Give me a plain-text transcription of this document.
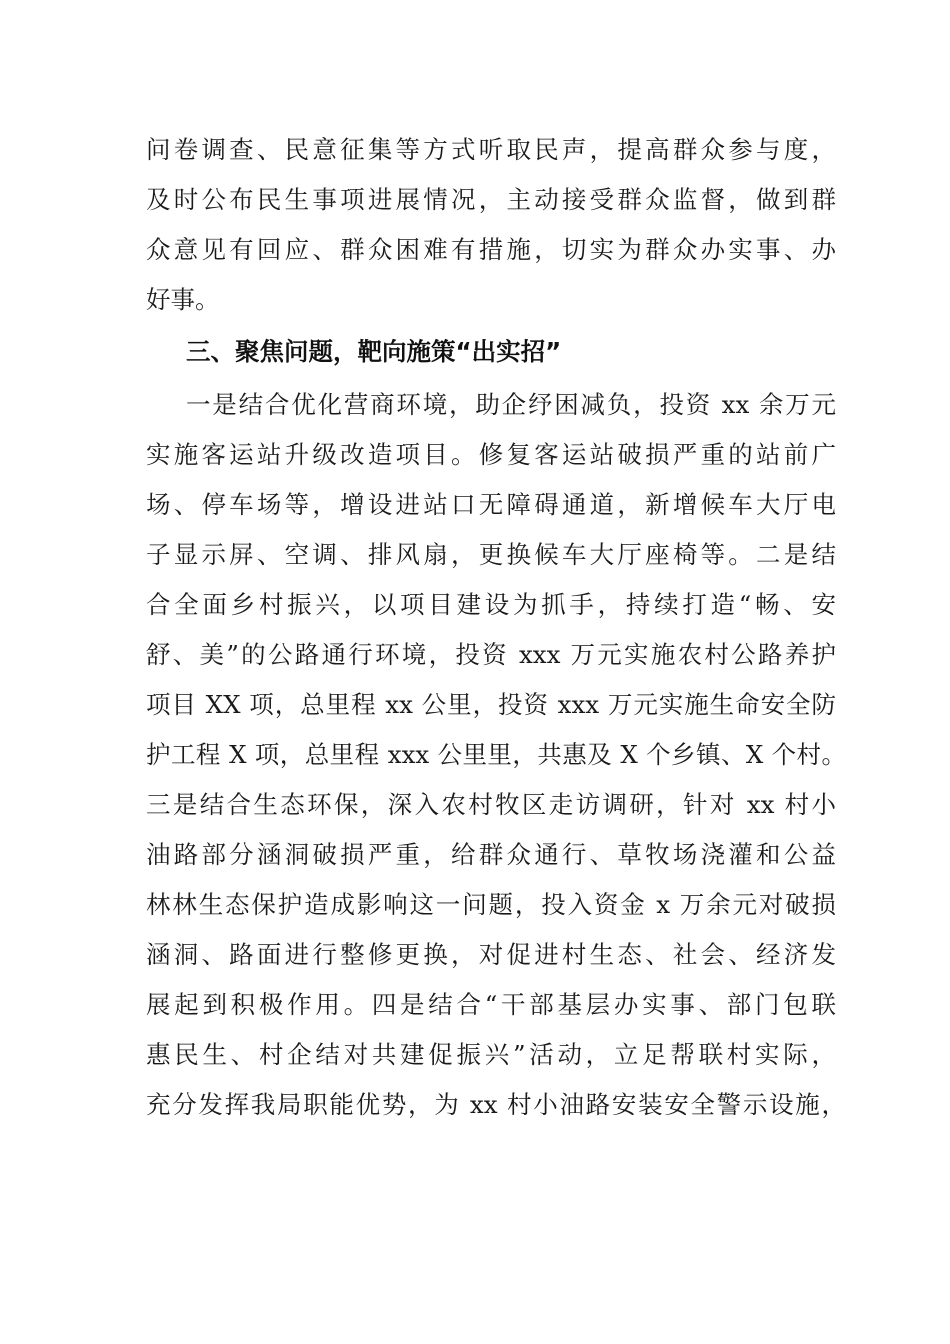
问卷调查、民意征集等方式听取民声，提高群众参与度，

及时公布民生事项进展情况，主动接受群众监督，做到群

众意见有回应、群众困难有措施，切实为群众办实事、办

好事。

三、聚焦问题，靶向施策“出实招”

一是结合优化营商环境，助企纾困减负，投资 xx 余万元

实施客运站升级改造项目。修复客运站破损严重的站前广

场、停车场等，增设进站口无障碍通道，新增候车大厅电

子显示屏、空调、排风扇，更换候车大厅座椅等。二是结

合全面乡村振兴，以项目建设为抓手，持续打造“畅、安

舒、美”的公路通行环境，投资 xxx 万元实施农村公路养护

项目 XX 项，总里程 xx 公里，投资 xxx 万元实施生命安全防

护工程 X 项，总里程 xxx 公里里，共惠及 X 个乡镇、X 个村。

三是结合生态环保，深入农村牧区走访调研，针对 xx 村小

油路部分涵洞破损严重，给群众通行、草牧场浇灌和公益

林林生态保护造成影响这一问题，投入资金 x 万余元对破损

涵洞、路面进行整修更换，对促进村生态、社会、经济发

展起到积极作用。四是结合“干部基层办实事、部门包联

惠民生、村企结对共建促振兴”活动，立足帮联村实际，

充分发挥我局职能优势，为 xx 村小油路安装安全警示设施，
